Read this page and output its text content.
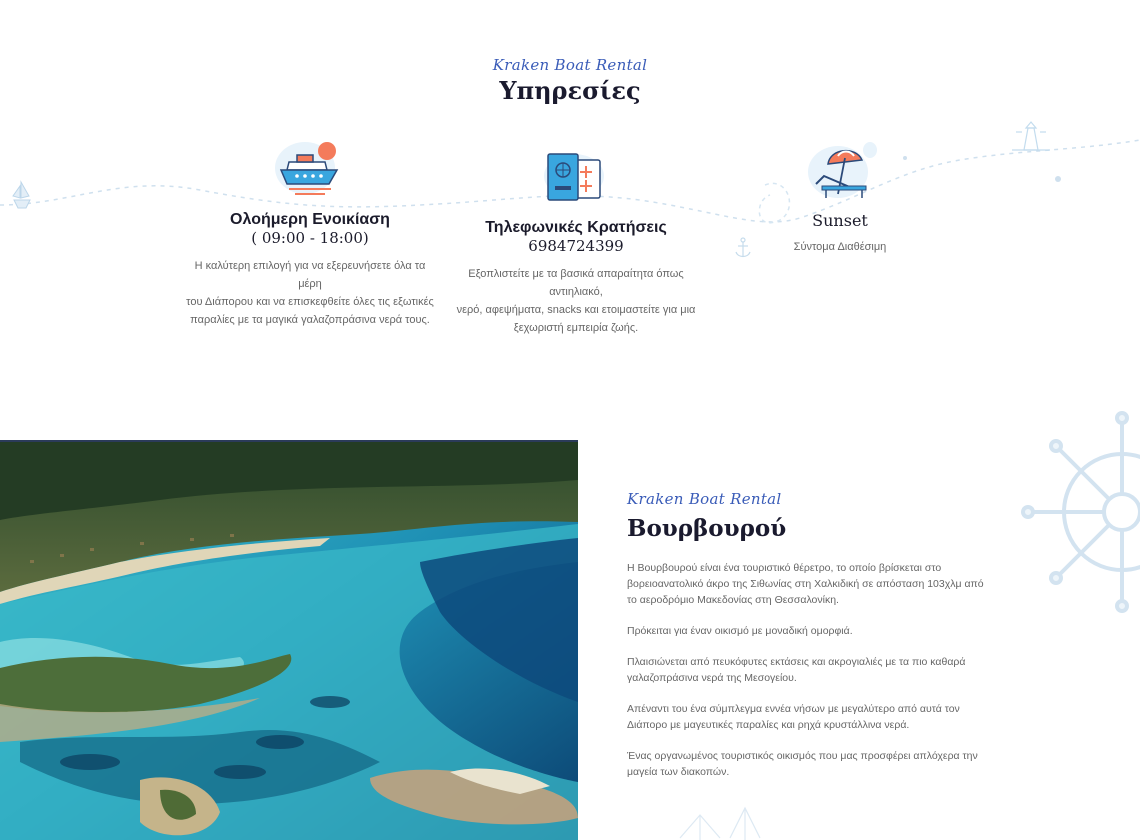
Kraken Boat Rental
Υπηρεσίες
Ολοήμερη Ενοικίαση
( 09:00 - 18:00)
Η καλύτερη επιλογή για να εξερευνήσετε όλα τα μέρη
του Διάπορου και να επισκεφθείτε όλες τις εξωτικές
παραλίες με τα μαγικά γαλαζοπράσινα νερά τους.
Τηλεφωνικές Κρατήσεις
6984724399
Εξοπλιστείτε με τα βασικά απαραίτητα όπως αντιηλιακό,
νερό, αφεψήματα, snacks και ετοιμαστείτε για μια
ξεχωριστή εμπειρία ζωής.
Sunset
Σύντομα Διαθέσιμη
Kraken Boat Rental
Βουρβουρού

Η Βουρβουρού είναι ένα τουριστικό θέρετρο, το οποίο βρίσκεται στο βορειοανατολικό άκρο της Σιθωνίας στη Χαλκιδική σε απόσταση 103χλμ από το αεροδρόμιο Μακεδονίας στη Θεσσαλονίκη.

Πρόκειται για έναν οικισμό με μοναδική ομορφιά.

Πλαισιώνεται από πευκόφυτες εκτάσεις και ακρογιαλιές με τα πιο καθαρά γαλαζοπράσινα νερά της Μεσογείου.

Απέναντι του ένα σύμπλεγμα εννέα νήσων με μεγαλύτερο από αυτά τον Διάπορο με μαγευτικές παραλίες και ρηχά κρυστάλλινα νερά.

Ένας οργανωμένος τουριστικός οικισμός που μας προσφέρει απλόχερα την μαγεία των διακοπών.
